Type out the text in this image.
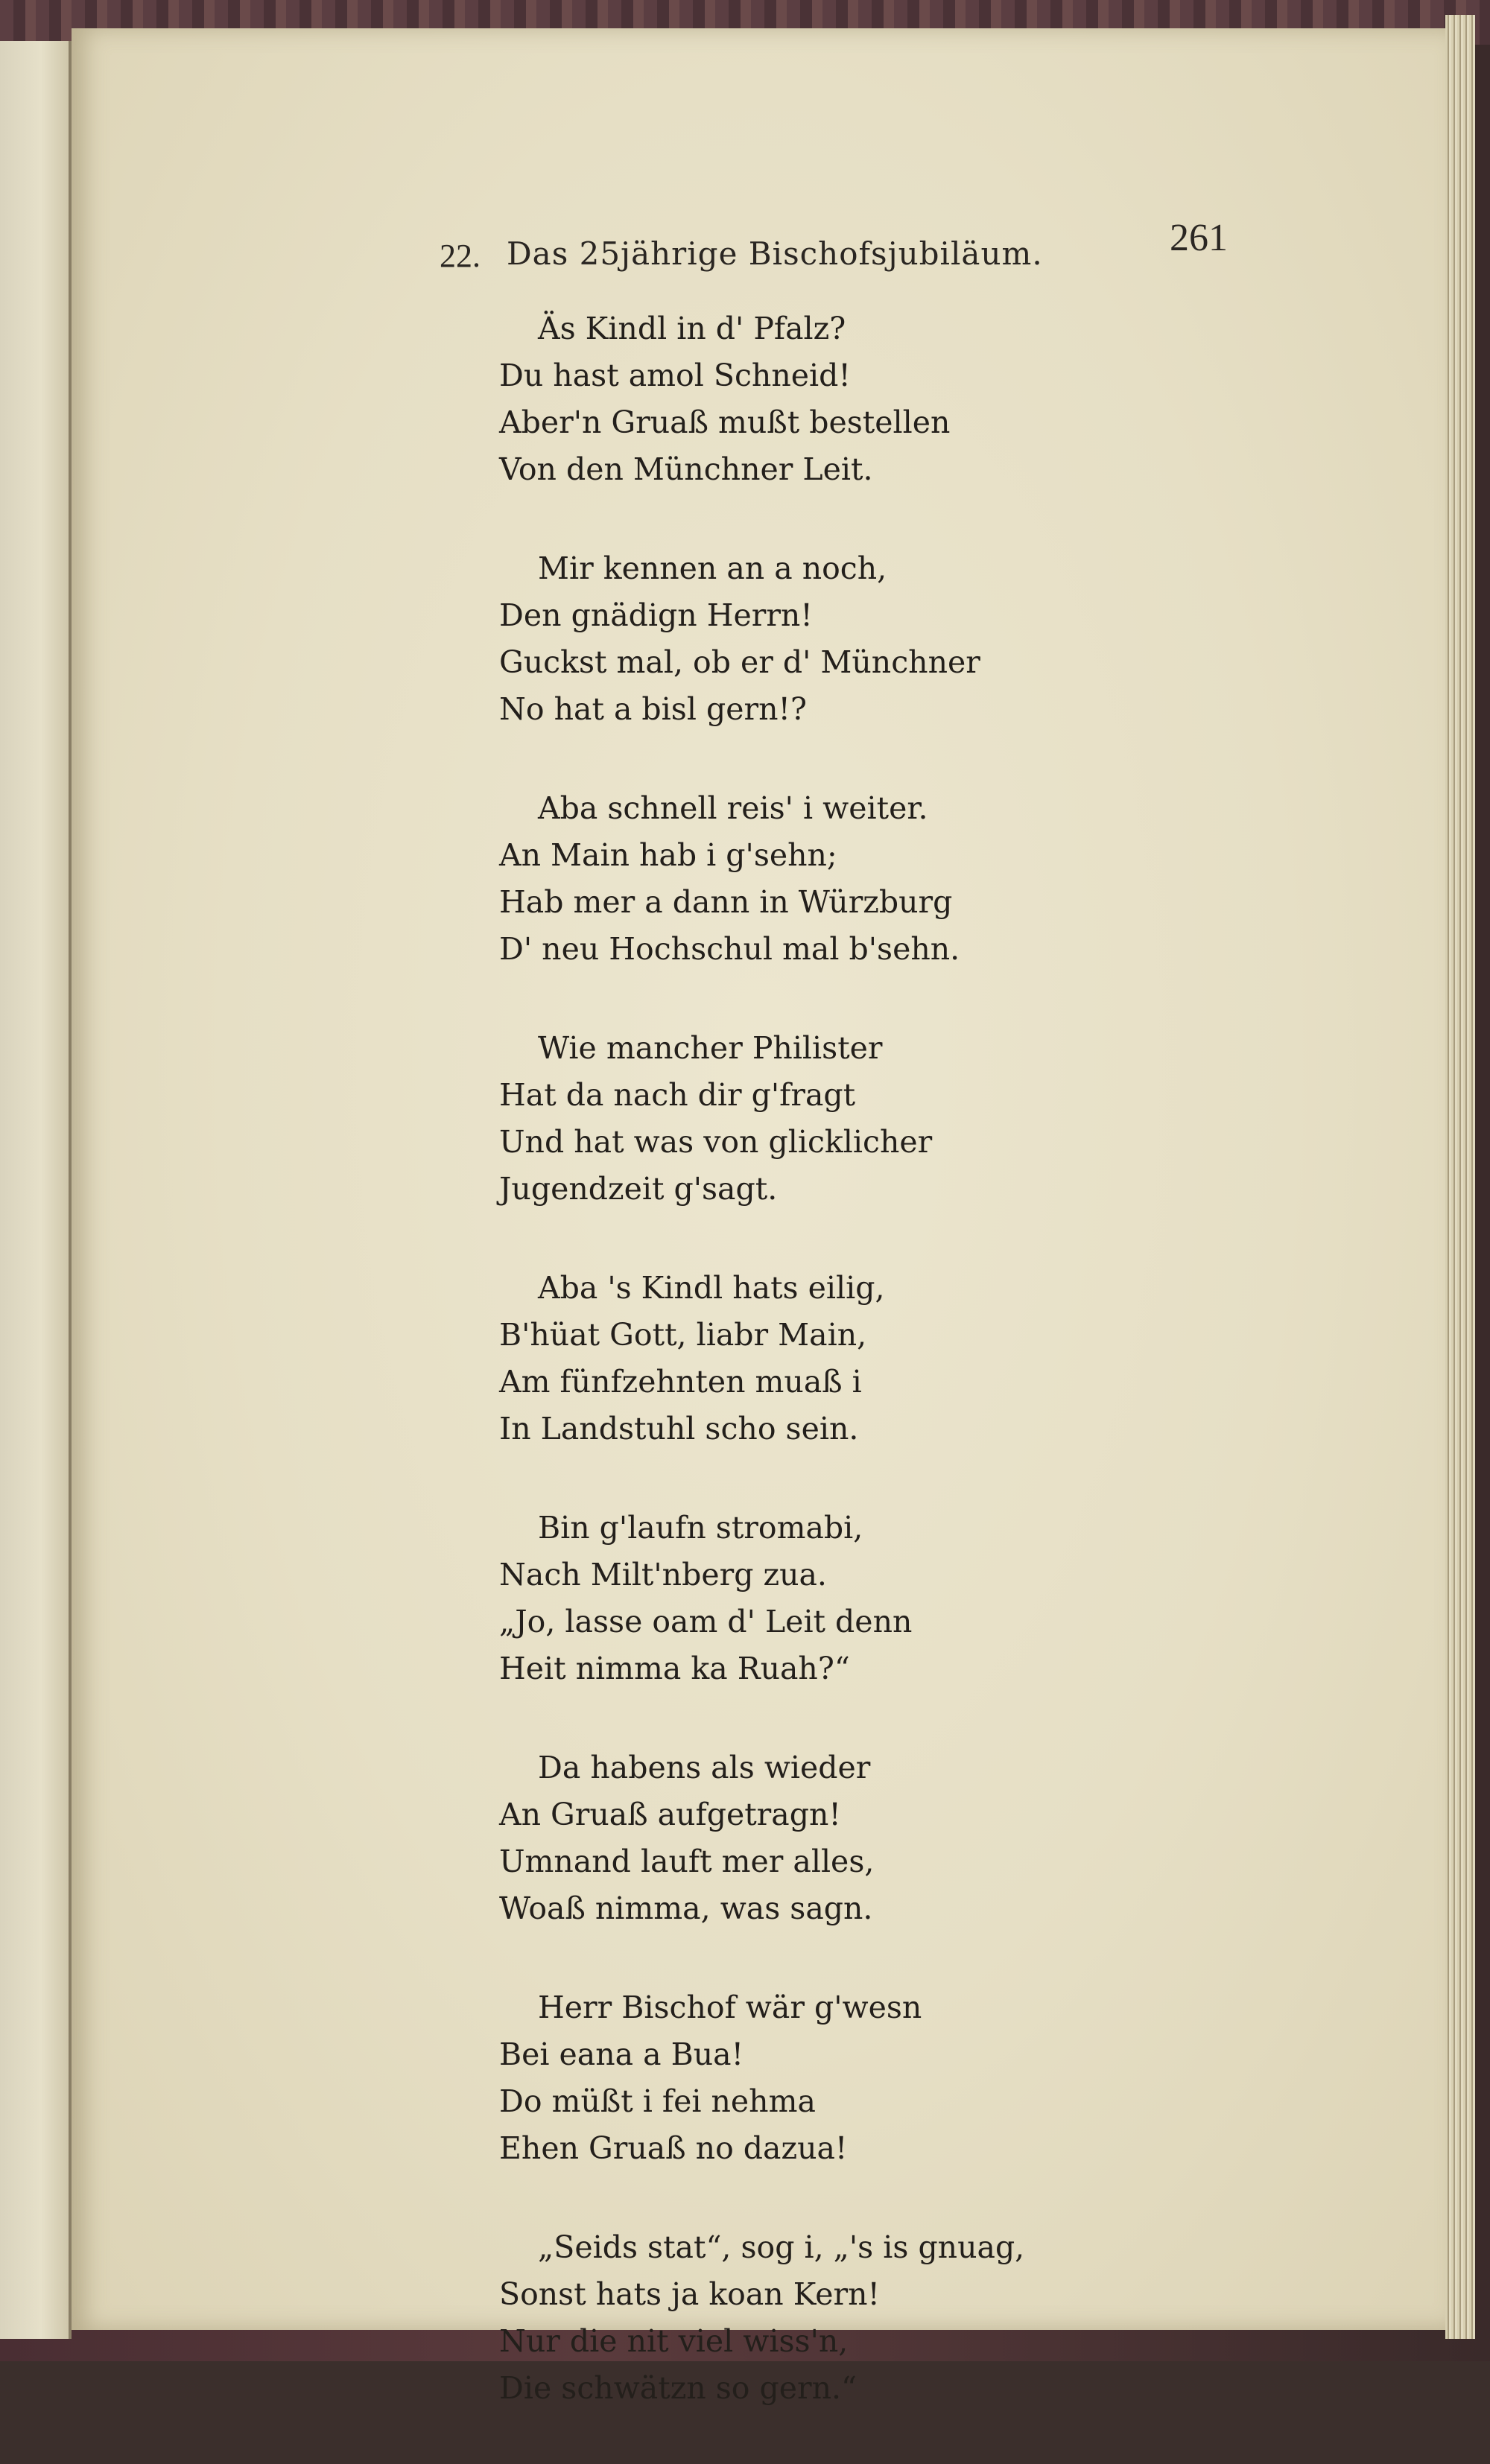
22. Das 25jährige Bischofsjubiläum.	261
Äs Kindl in d' Pfalz?
Du hast amol Schneid!
Aber'n Gruaß mußt bestellen
Von den Münchner Leit.
Mir kennen an a noch,
Den gnädign Herrn!
Guckst mal, ob er d' Münchner
No hat a bisl gern!?
Aba schnell reis' i weiter.
An Main hab i g'sehn;
Hab mer a dann in Würzburg
D' neu Hochschul mal b'sehn.
Wie mancher Philister
Hat da nach dir g'fragt
Und hat was von glicklicher
Jugendzeit g'sagt.
Aba 's Kindl hats eilig,
B'hüat Gott, liabr Main,
Am fünfzehnten muaß i
In Landstuhl scho sein.
Bin g'laufn stromabi,
Nach Milt'nberg zua.
„Jo, lasse oam d' Leit denn
Heit nimma ka Ruah?“
Da habens als wieder
An Gruaß aufgetragn!
Umnand lauft mer alles,
Woaß nimma, was sagn.
Herr Bischof wär g'wesn
Bei eana a Bua!
Do müßt i fei nehma
Ehen Gruaß no dazua!
„Seids stat“, sog i, „'s is gnuag,
Sonst hats ja koan Kern!
Nur die nit viel wiss'n,
Die schwätzn so gern.“
